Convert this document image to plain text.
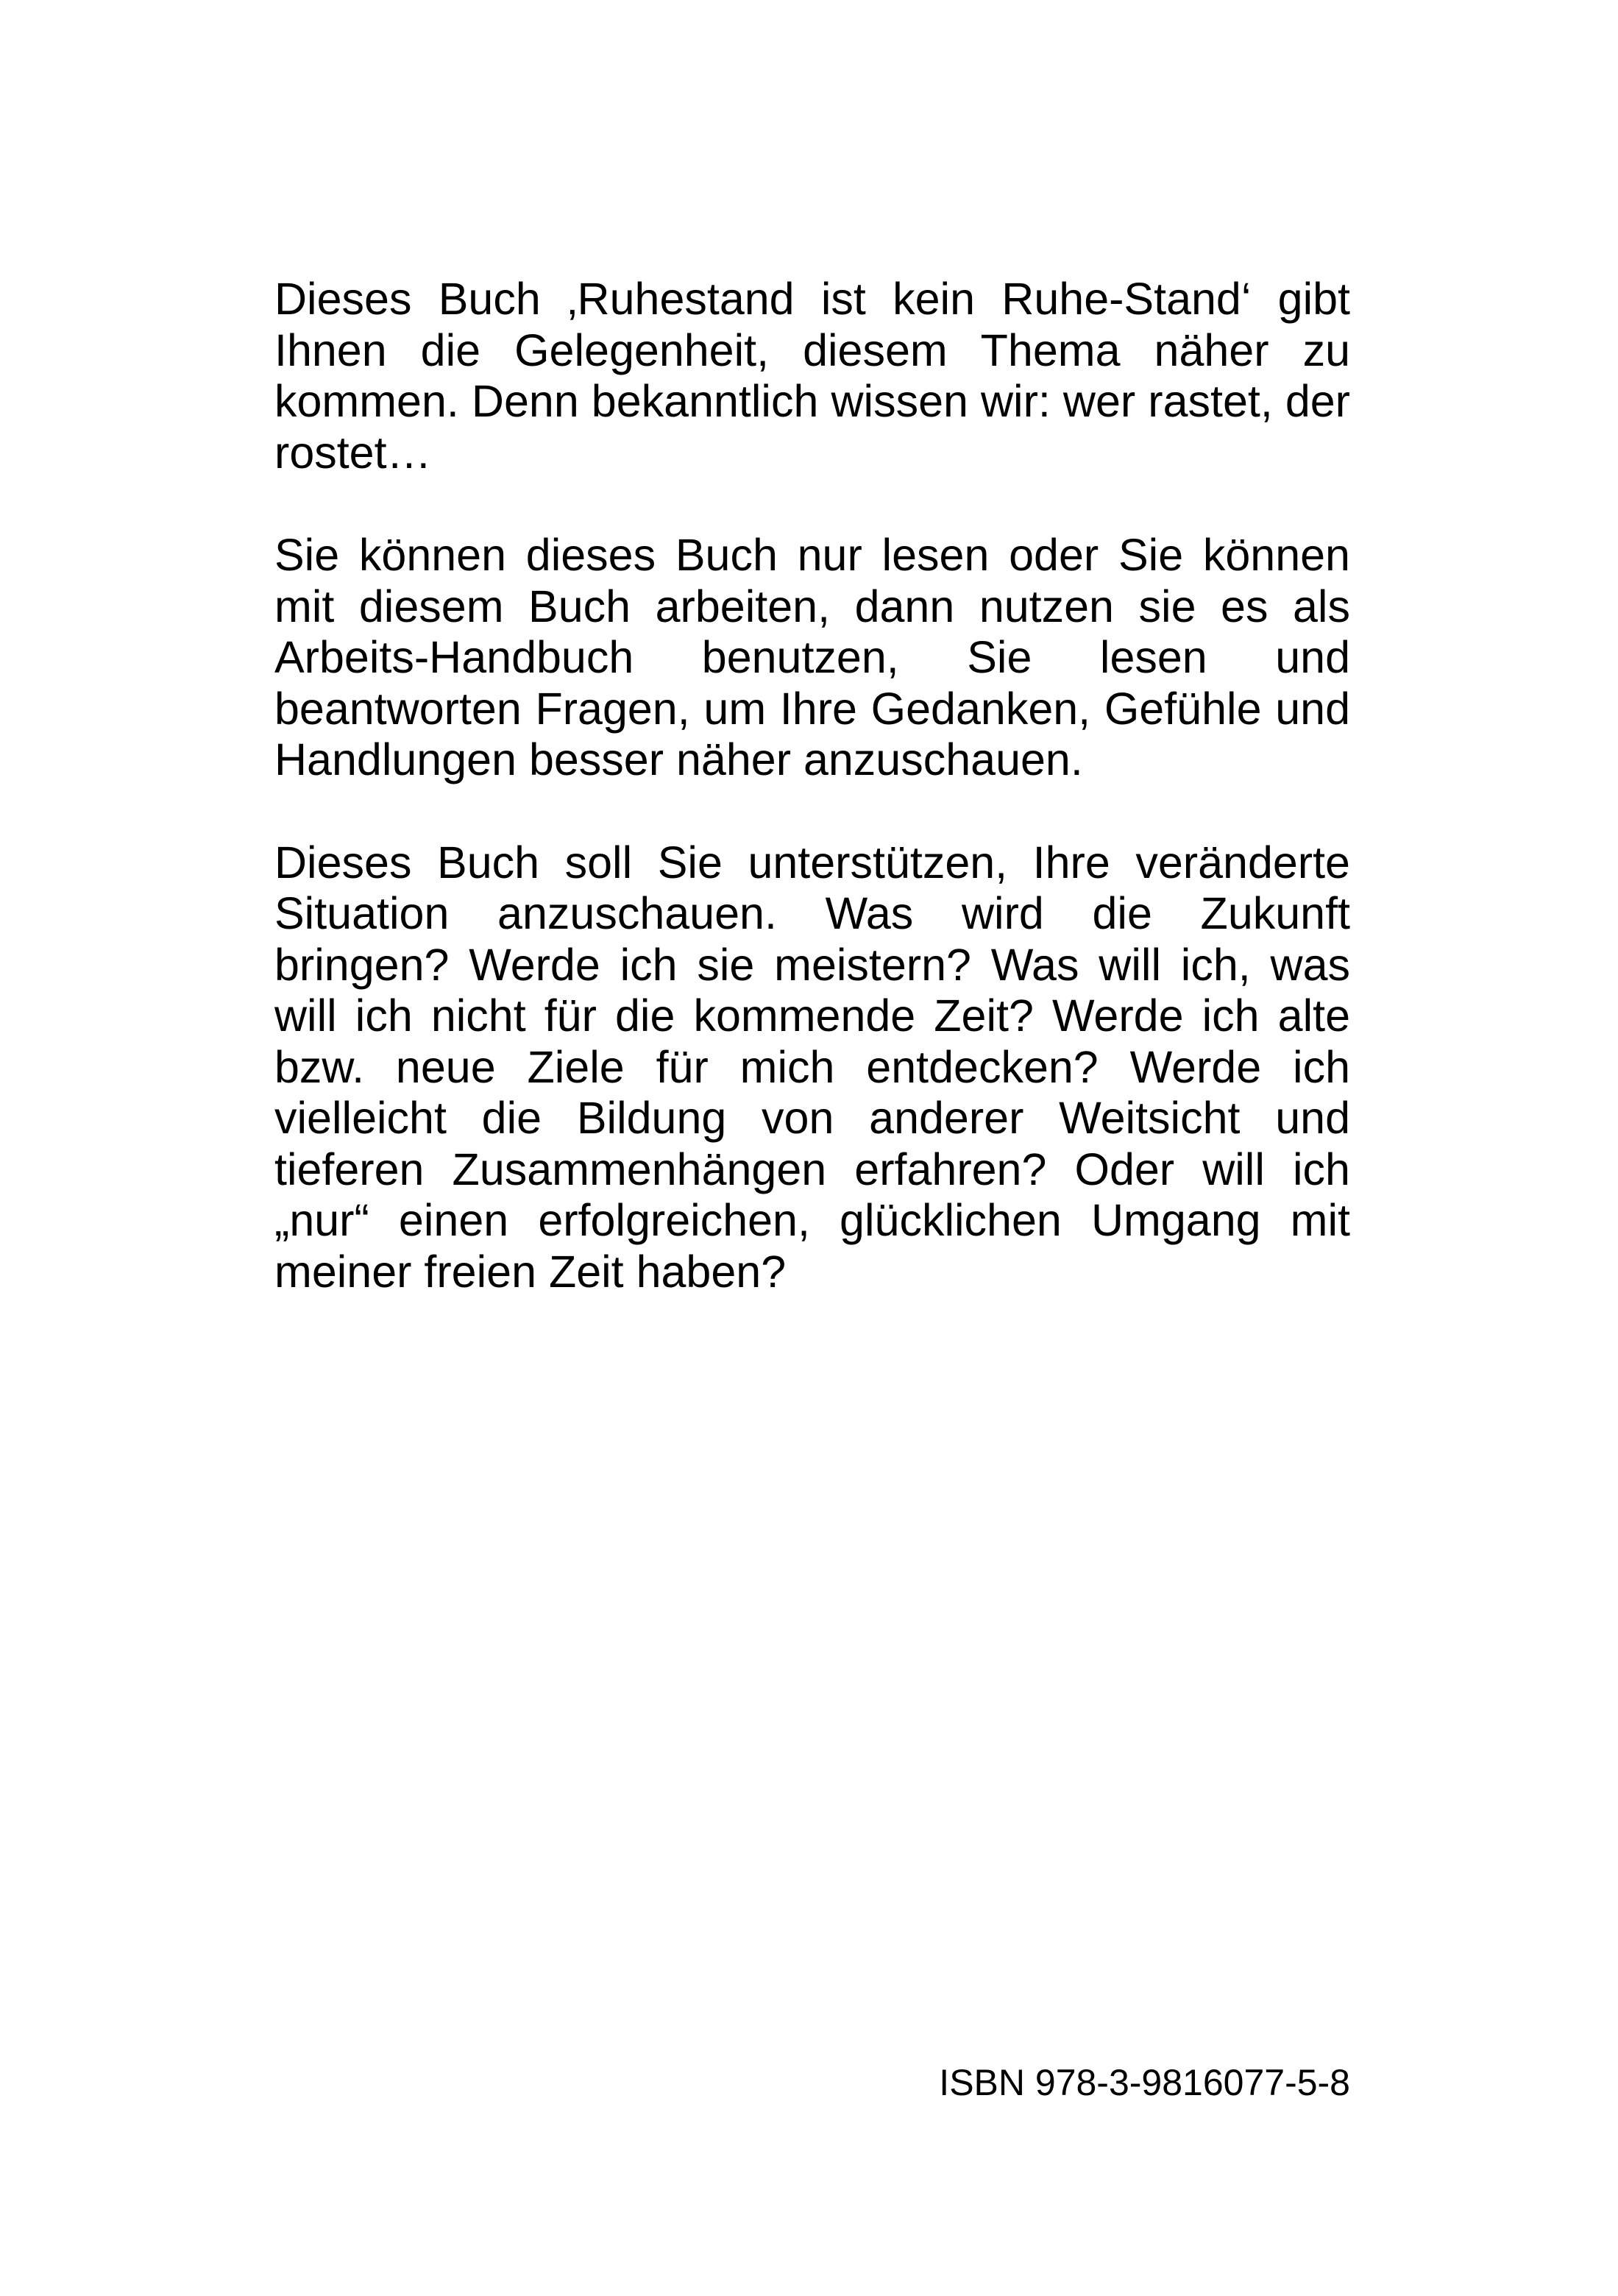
Dieses Buch ‚Ruhestand ist kein Ruhe-Stand‘ gibt Ihnen die Gelegenheit, diesem Thema näher zu kommen. Denn bekanntlich wissen wir: wer rastet, der rostet…

Sie können dieses Buch nur lesen oder Sie können mit diesem Buch arbeiten, dann nutzen sie es als Arbeits-Handbuch benutzen, Sie lesen und beantworten Fragen, um Ihre Gedanken, Gefühle und Handlungen besser näher anzuschauen.

Dieses Buch soll Sie unterstützen, Ihre veränderte Situation anzuschauen. Was wird die Zukunft bringen? Werde ich sie meistern? Was will ich, was will ich nicht für die kommende Zeit? Werde ich alte bzw. neue Ziele für mich entdecken? Werde ich vielleicht die Bildung von anderer Weitsicht und tieferen Zusammenhängen erfahren? Oder will ich „nur“ einen erfolgreichen, glücklichen Umgang mit meiner freien Zeit haben?

ISBN 978-3-9816077-5-8
